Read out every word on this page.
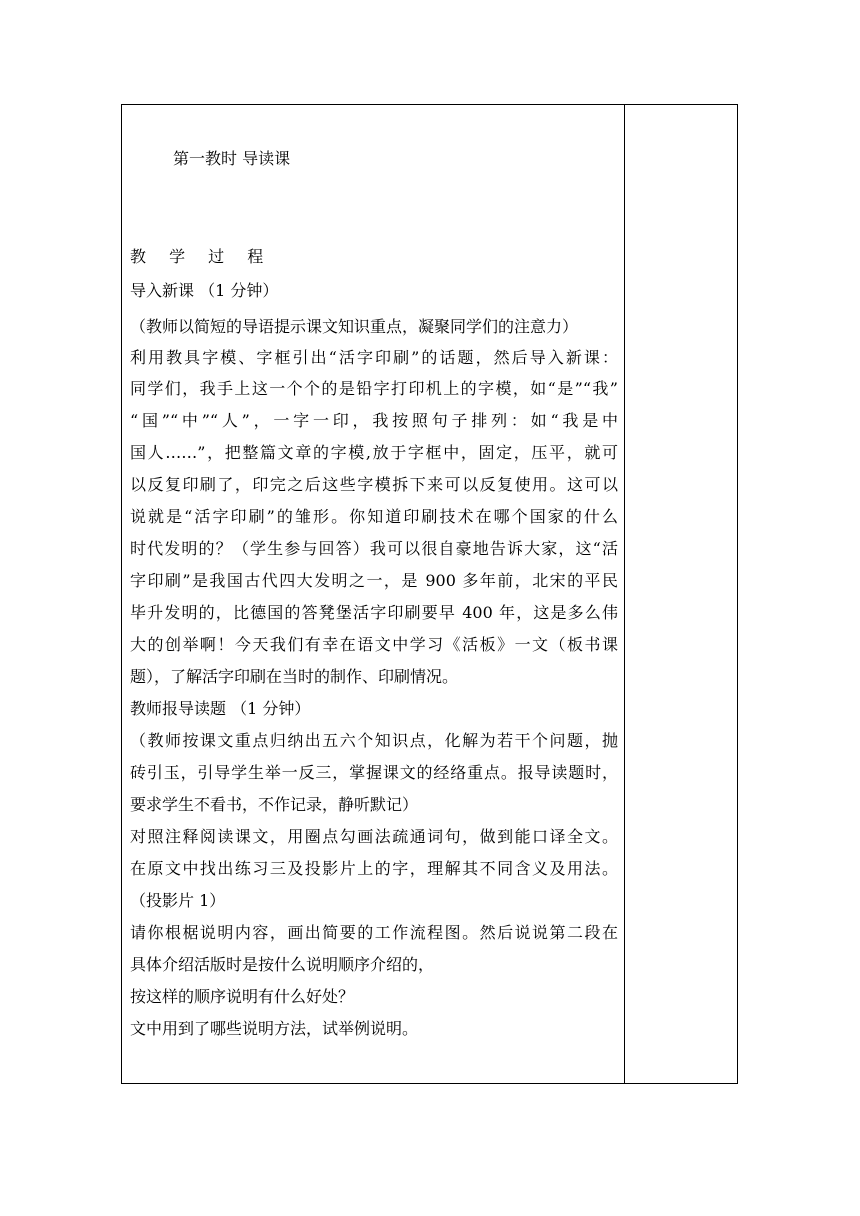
第一教时 导读课
教 学 过 程
导入新课 （1 分钟）
（教师以简短的导语提示课文知识重点，凝聚同学们的注意力）
利用教具字模、字框引出“活字印刷”的话题，然后导入新课：
同学们，我手上这一个个的是铅字打印机上的字模，如“是”“我”
“国”“中”“人”，一字一印，我按照句子排列：如“我是中
国人……”，把整篇文章的字模,放于字框中，固定，压平，就可
以反复印刷了，印完之后这些字模拆下来可以反复使用。这可以
说就是“活字印刷”的雏形。你知道印刷技术在哪个国家的什么
时代发明的？（学生参与回答）我可以很自豪地告诉大家，这“活
字印刷”是我国古代四大发明之一，是 900 多年前，北宋的平民
毕升发明的，比德国的答凳堡活字印刷要早 400 年，这是多么伟
大的创举啊！今天我们有幸在语文中学习《活板》一文（板书课
题），了解活字印刷在当时的制作、印刷情况。
教师报导读题 （1 分钟）
（教师按课文重点归纳出五六个知识点，化解为若干个问题，抛
砖引玉，引导学生举一反三，掌握课文的经络重点。报导读题时，
要求学生不看书，不作记录，静听默记）
对照注释阅读课文，用圈点勾画法疏通词句，做到能口译全文。
在原文中找出练习三及投影片上的字，理解其不同含义及用法。
（投影片 1）
请你根椐说明内容，画出简要的工作流程图。然后说说第二段在
具体介绍活版时是按什么说明顺序介绍的，
按这样的顺序说明有什么好处？
文中用到了哪些说明方法，试举例说明。
